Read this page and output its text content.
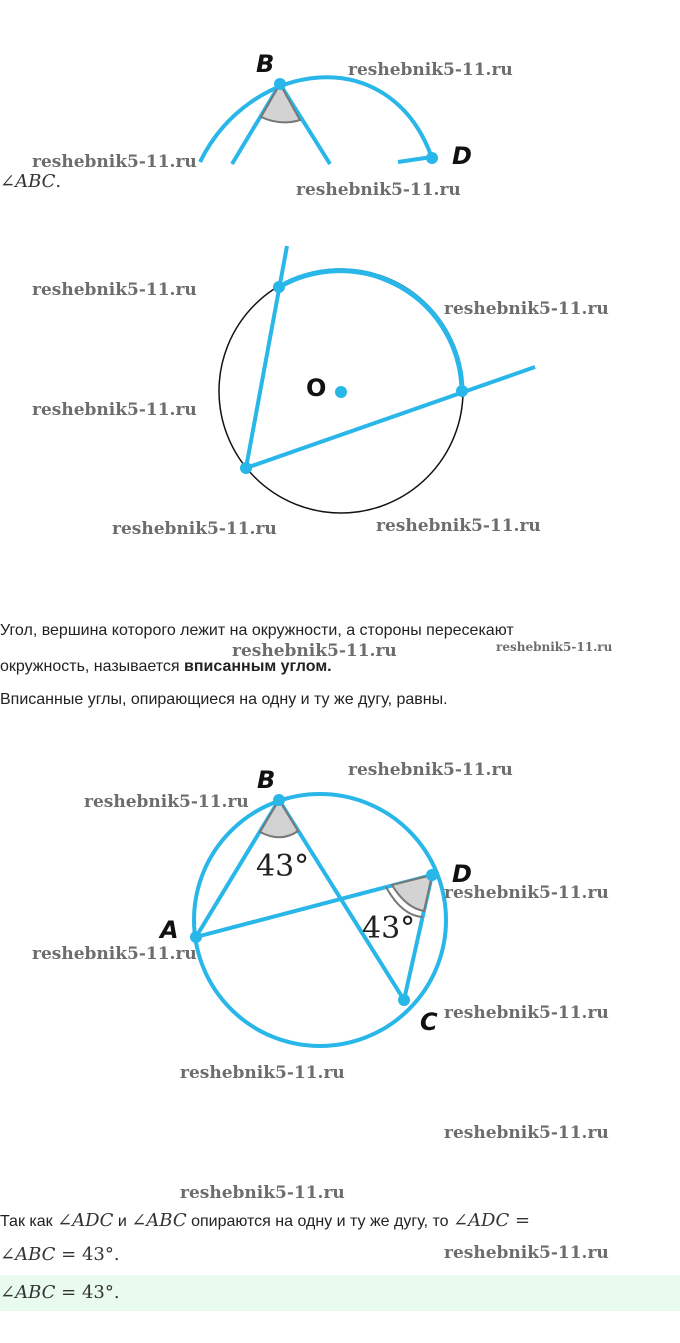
B
D
reshebnik5-11.ru
reshebnik5-11.ru
reshebnik5-11.ru
∠ABC.
O
reshebnik5-11.ru
reshebnik5-11.ru
reshebnik5-11.ru
reshebnik5-11.ru	reshebnik5-11.ru
Угол, вершина которого лежит на окружности, а стороны пересекают
reshebnik5-11.ru
окружность, называется вписанным углом.
reshebnik5-11.ru
Вписанные углы, опирающиеся на одну и ту же дугу, равны.
A
B
C
D
43°
43°
reshebnik5-11.ru
reshebnik5-11.ru
reshebnik5-11.ru
reshebnik5-11.ru
reshebnik5-11.ru
reshebnik5-11.ru
reshebnik5-11.ru
reshebnik5-11.ru
Так как ∠ADC и ∠ABC опираются на одну и ту же дугу, то ∠ADC =
∠ABC = 43°.	reshebnik5-11.ru
∠ABC = 43°.
